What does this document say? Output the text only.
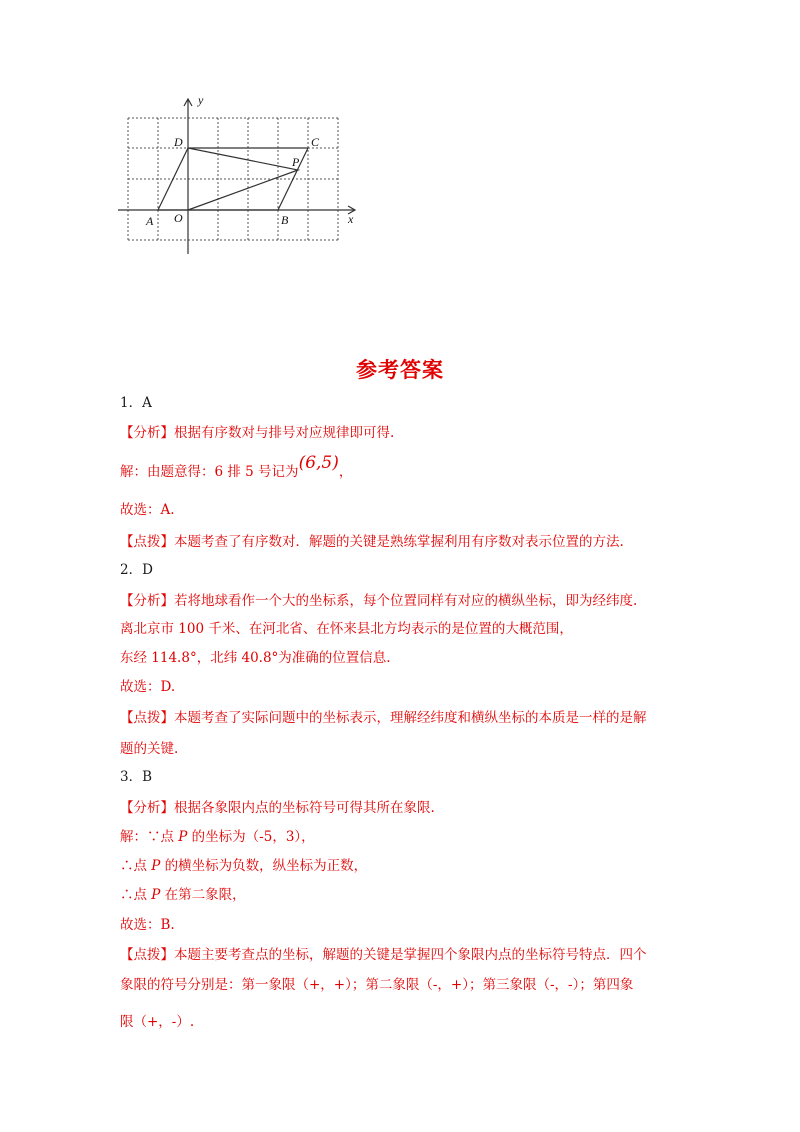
y
x
D	C
P
A O	B
参考答案
1．A
【分析】根据有序数对与排号对应规律即可得.
解：由题意得：6 排 5 号记为(6,5)，
故选：A.
【点拨】本题考查了有序数对．解题的关键是熟练掌握利用有序数对表示位置的方法.
2．D
【分析】若将地球看作一个大的坐标系，每个位置同样有对应的横纵坐标，即为经纬度.
离北京市 100 千米、在河北省、在怀来县北方均表示的是位置的大概范围，
东经 114.8°，北纬 40.8°为准确的位置信息.
故选：D.
【点拨】本题考查了实际问题中的坐标表示，理解经纬度和横纵坐标的本质是一样的是解
题的关键.
3．B
【分析】根据各象限内点的坐标符号可得其所在象限.
解：∵点 P 的坐标为（-5，3），
∴点 P 的横坐标为负数，纵坐标为正数，
∴点 P 在第二象限，
故选：B.
【点拨】本题主要考查点的坐标，解题的关键是掌握四个象限内点的坐标符号特点．四个
象限的符号分别是：第一象限（+，+）；第二象限（-，+）；第三象限（-，-）；第四象
限（+，-）.
